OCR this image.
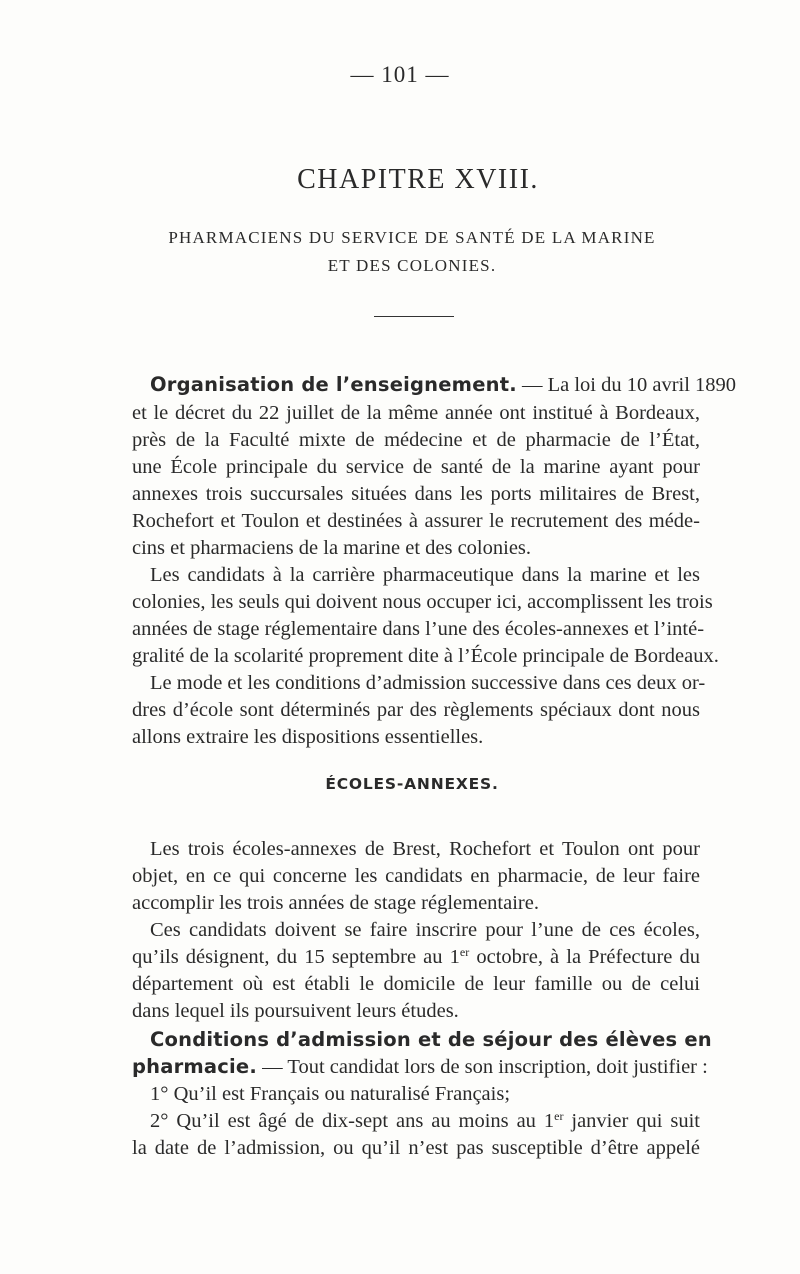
— 101 —
CHAPITRE XVIII.
PHARMACIENS DU SERVICE DE SANTÉ DE LA MARINE
ET DES COLONIES.
Organisation de l’enseignement. — La loi du 10 avril 1890
et le décret du 22 juillet de la même année ont institué à Bordeaux,
près de la Faculté mixte de médecine et de pharmacie de l’État,
une École principale du service de santé de la marine ayant pour
annexes trois succursales situées dans les ports militaires de Brest,
Rochefort et Toulon et destinées à assurer le recrutement des méde-
cins et pharmaciens de la marine et des colonies.
Les candidats à la carrière pharmaceutique dans la marine et les
colonies, les seuls qui doivent nous occuper ici, accomplissent les trois
années de stage réglementaire dans l’une des écoles-annexes et l’inté-
gralité de la scolarité proprement dite à l’École principale de Bordeaux.
Le mode et les conditions d’admission successive dans ces deux or-
dres d’école sont déterminés par des règlements spéciaux dont nous
allons extraire les dispositions essentielles.
ÉCOLES-ANNEXES.
Les trois écoles-annexes de Brest, Rochefort et Toulon ont pour
objet, en ce qui concerne les candidats en pharmacie, de leur faire
accomplir les trois années de stage réglementaire.
Ces candidats doivent se faire inscrire pour l’une de ces écoles,
qu’ils désignent, du 15 septembre au 1er octobre, à la Préfecture du
département où est établi le domicile de leur famille ou de celui
dans lequel ils poursuivent leurs études.
Conditions d’admission et de séjour des élèves en
pharmacie. — Tout candidat lors de son inscription, doit justifier :
1° Qu’il est Français ou naturalisé Français;
2° Qu’il est âgé de dix-sept ans au moins au 1er janvier qui suit
la date de l’admission, ou qu’il n’est pas susceptible d’être appelé
